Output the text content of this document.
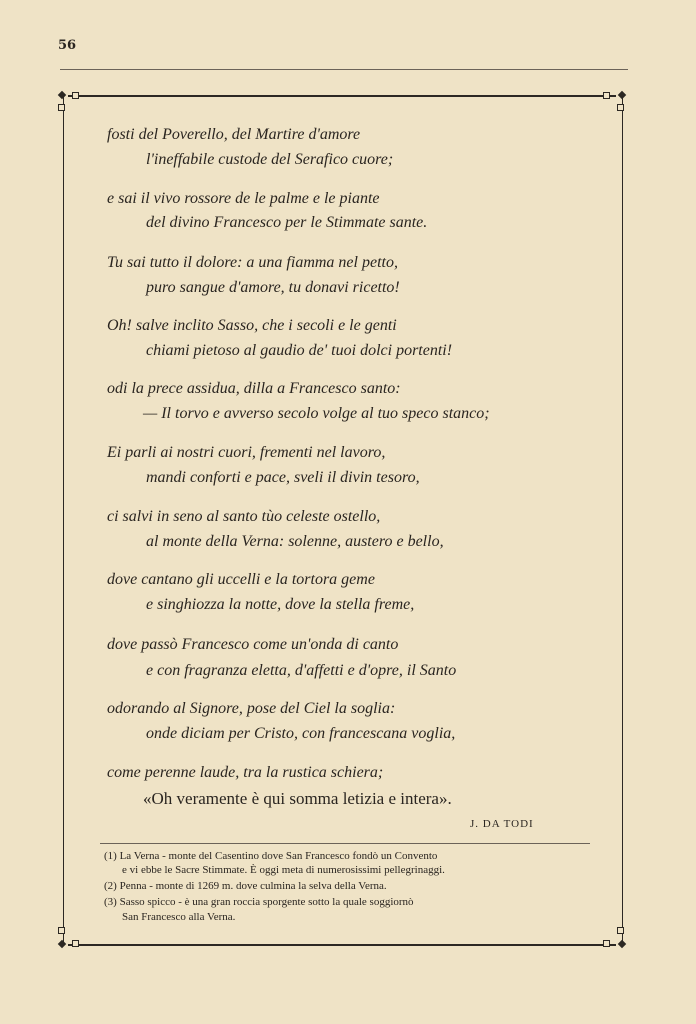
56
fosti del Poverello, del Martire d'amore
l'ineffabile custode del Serafico cuore;
e sai il vivo rossore de le palme e le piante
del divino Francesco per le Stimmate sante.
Tu sai tutto il dolore: a una fiamma nel petto,
puro sangue d'amore, tu donavi ricetto!
Oh! salve inclito Sasso, che i secoli e le genti
chiami pietoso al gaudio de' tuoi dolci portenti!
odi la prece assidua, dilla a Francesco santo:
— Il torvo e avverso secolo volge al tuo speco stanco;
Ei parli ai nostri cuori, frementi nel lavoro,
mandi conforti e pace, sveli il divin tesoro,
ci salvi in seno al santo tùo celeste ostello,
al monte della Verna: solenne, austero e bello,
dove cantano gli uccelli e la tortora geme
e singhiozza la notte, dove la stella freme,
dove passò Francesco come un'onda di canto
e con fragranza eletta, d'affetti e d'opre, il Santo
odorando al Signore, pose del Ciel la soglia:
onde diciam per Cristo, con francescana voglia,
come perenne laude, tra la rustica schiera;
«Oh veramente è qui somma letizia e intera».
J. DA TODI
(1) La Verna - monte del Casentino dove San Francesco fondò un Convento
e vi ebbe le Sacre Stimmate. È oggi meta di numerosissimi pellegrinaggi.
(2) Penna - monte di 1269 m. dove culmina la selva della Verna.
(3) Sasso spicco - è una gran roccia sporgente sotto la quale soggiornò
San Francesco alla Verna.
